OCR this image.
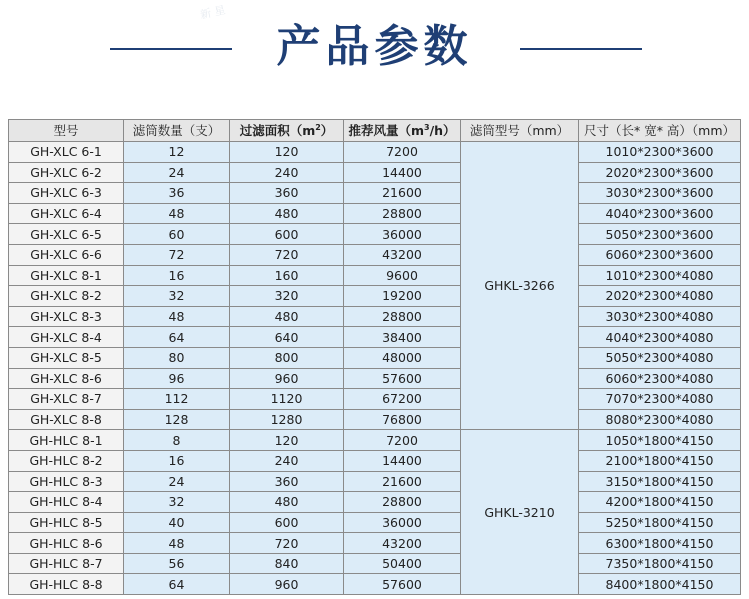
新 星
产品参数
型号	滤筒数量（支）	过滤面积$(m^2)$	推荐风量$(m^3/h)$	滤筒型号（mm）	尺寸（长* 宽* 高）（mm）
GH-XLC 6-1	12	120	7200	GHKL-3266	1010*2300*3600
GH-XLC 6-2	24	240	14400		2020*2300*3600
GH-XLC 6-3	36	360	21600		3030*2300*3600
GH-XLC 6-4	48	480	28800		4040*2300*3600
GH-XLC 6-5	60	600	36000		5050*2300*3600
GH-XLC 6-6	72	720	43200		6060*2300*3600
GH-XLC 8-1	16	160	9600		1010*2300*4080
GH-XLC 8-2	32	320	19200		2020*2300*4080
GH-XLC 8-3	48	480	28800		3030*2300*4080
GH-XLC 8-4	64	640	38400		4040*2300*4080
GH-XLC 8-5	80	800	48000		5050*2300*4080
GH-XLC 8-6	96	960	57600		6060*2300*4080
GH-XLC 8-7	112	1120	67200		7070*2300*4080
GH-XLC 8-8	128	1280	76800		8080*2300*4080
GH-HLC 8-1	8	120	7200	GHKL-3210	1050*1800*4150
GH-HLC 8-2	16	240	14400		2100*1800*4150
GH-HLC 8-3	24	360	21600		3150*1800*4150
GH-HLC 8-4	32	480	28800		4200*1800*4150
GH-HLC 8-5	40	600	36000		5250*1800*4150
GH-HLC 8-6	48	720	43200		6300*1800*4150
GH-HLC 8-7	56	840	50400		7350*1800*4150
GH-HLC 8-8	64	960	57600		8400*1800*4150
